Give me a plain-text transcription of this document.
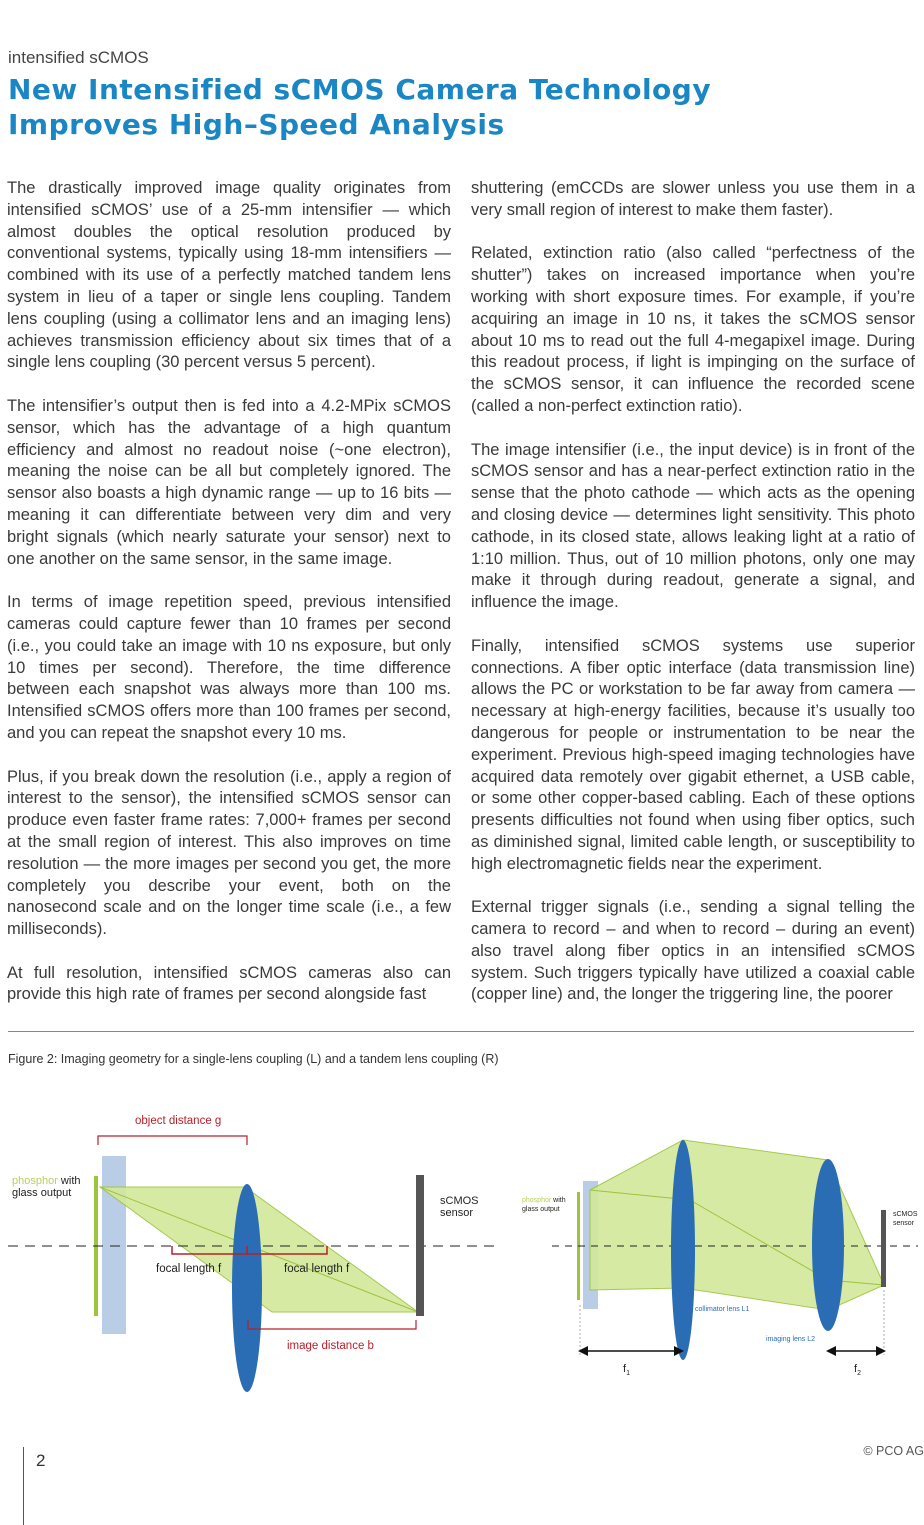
intensified sCMOS
New Intensified sCMOS Camera Technology
Improves High–Speed Analysis

The drastically improved image quality originates from intensified sCMOS’ use of a 25-mm intensifier — which almost doubles the optical resolution produced by conventional systems, typically using 18-mm intensifiers — combined with its use of a perfectly matched tandem lens system in lieu of a taper or single lens coupling. Tandem lens coupling (using a collimator lens and an imaging lens) achieves transmission efficiency about six times that of a single lens coupling (30 percent versus 5 percent).

The intensifier’s output then is fed into a 4.2-MPix sCMOS sensor, which has the advantage of a high quantum efficiency and almost no readout noise (~one electron), meaning the noise can be all but completely ignored. The sensor also boasts a high dynamic range — up to 16 bits — meaning it can differentiate between very dim and very bright signals (which nearly saturate your sensor) next to one another on the same sensor, in the same image.

In terms of image repetition speed, previous intensified cameras could capture fewer than 10 frames per second (i.e., you could take an image with 10 ns exposure, but only 10 times per second). Therefore, the time difference between each snapshot was always more than 100 ms. Intensified sCMOS offers more than 100 frames per second, and you can repeat the snapshot every 10 ms.

Plus, if you break down the resolution (i.e., apply a region of interest to the sensor), the intensified sCMOS sensor can produce even faster frame rates: 7,000+ frames per second at the small region of interest. This also improves on time resolution — the more images per second you get, the more completely you describe your event, both on the nanosecond scale and on the longer time scale (i.e., a few milliseconds).

At full resolution, intensified sCMOS cameras also can provide this high rate of frames per second alongside fast

shuttering (emCCDs are slower unless you use them in a very small region of interest to make them faster).

Related, extinction ratio (also called “perfectness of the shutter”) takes on increased importance when you’re working with short exposure times. For example, if you’re acquiring an image in 10 ns, it takes the sCMOS sensor about 10 ms to read out the full 4-megapixel image. During this readout process, if light is impinging on the surface of the sCMOS sensor, it can influence the recorded scene (called a non-perfect extinction ratio).

The image intensifier (i.e., the input device) is in front of the sCMOS sensor and has a near-perfect extinction ratio in the sense that the photo cathode — which acts as the opening and closing device — determines light sensitivity. This photo cathode, in its closed state, allows leaking light at a ratio of 1:10 million. Thus, out of 10 million photons, only one may make it through during readout, generate a signal, and influence the image.

Finally, intensified sCMOS systems use superior connections. A fiber optic interface (data transmission line) allows the PC or workstation to be far away from camera — necessary at high-energy facilities, because it’s usually too dangerous for people or instrumentation to be near the experiment. Previous high-speed imaging technologies have acquired data remotely over gigabit ethernet, a USB cable, or some other copper-based cabling. Each of these options presents difficulties not found when using fiber optics, such as diminished signal, limited cable length, or susceptibility to high electromagnetic fields near the experiment.

External trigger signals (i.e., sending a signal telling the camera to record – and when to record – during an event) also travel along fiber optics in an intensified sCMOS system. Such triggers typically have utilized a coaxial cable (copper line) and, the longer the triggering line, the poorer

Figure 2: Imaging geometry for a single-lens coupling (L) and a tandem lens coupling (R)
object distance g
focal length f	focal length f
image distance b
phosphor with
glass output
sCMOS
sensor
$f_1$	$f_2$
phosphor with
glass output
sCMOS
sensor
collimator lens L1
imaging lens L2
2	© PCO AG
